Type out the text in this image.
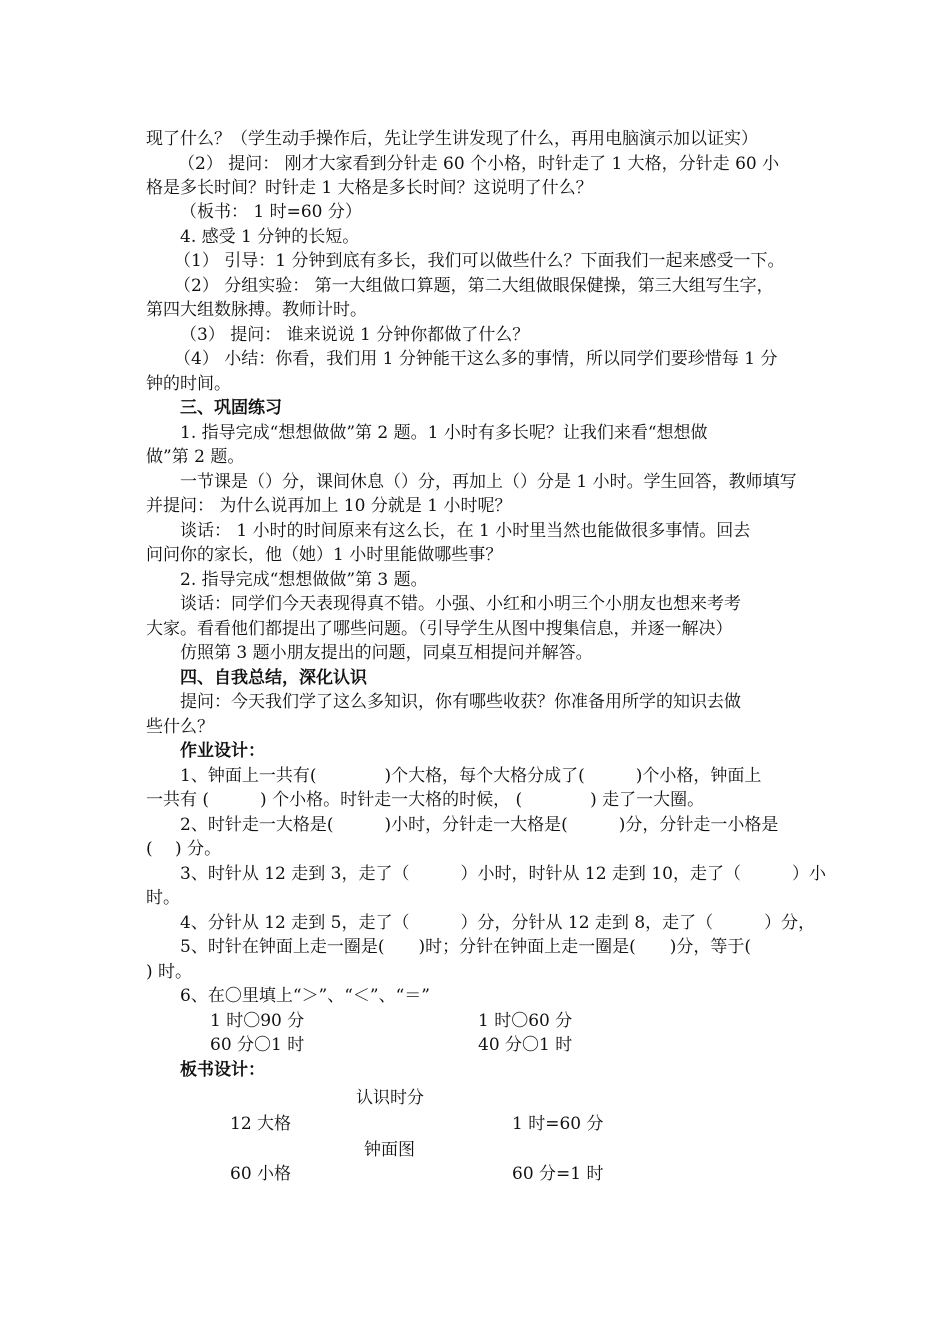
现了什么？（学生动手操作后，先让学生讲发现了什么，再用电脑演示加以证实）
（2） 提问： 刚才大家看到分针走 60 个小格，时针走了 1 大格，分针走 60 小
格是多长时间？时针走 1 大格是多长时间？这说明了什么？
（板书： 1 时=60 分）
4. 感受 1 分钟的长短。
（1） 引导：1 分钟到底有多长，我们可以做些什么？下面我们一起来感受一下。
（2） 分组实验： 第一大组做口算题，第二大组做眼保健操，第三大组写生字，
第四大组数脉搏。教师计时。
（3） 提问： 谁来说说 1 分钟你都做了什么？
（4） 小结：你看，我们用 1 分钟能干这么多的事情，所以同学们要珍惜每 1 分
钟的时间。
三、巩固练习
1. 指导完成“想想做做”第 2 题。1 小时有多长呢？让我们来看“想想做
做”第 2 题。
一节课是（）分，课间休息（）分，再加上（）分是 1 小时。学生回答，教师填写
并提问： 为什么说再加上 10 分就是 1 小时呢？
谈话： 1 小时的时间原来有这么长，在 1 小时里当然也能做很多事情。回去
问问你的家长，他（她）1 小时里能做哪些事？
2. 指导完成“想想做做”第 3 题。
谈话：同学们今天表现得真不错。小强、小红和小明三个小朋友也想来考考
大家。看看他们都提出了哪些问题。（引导学生从图中搜集信息，并逐一解决）
仿照第 3 题小朋友提出的问题，同桌互相提问并解答。
四、自我总结，深化认识
提问：今天我们学了这么多知识，你有哪些收获？你准备用所学的知识去做
些什么？
作业设计：
1、钟面上一共有(　　　　)个大格，每个大格分成了(　　　)个小格，钟面上
一共有 (　　　) 个小格。时针走一大格的时候， (　　　　) 走了一大圈。
2、时针走一大格是(　　　)小时，分针走一大格是(　　　)分，分针走一小格是
(　 ) 分。
3、时针从 12 走到 3，走了（　　　）小时，时针从 12 走到 10，走了（　　　）小
时。
4、分针从 12 走到 5，走了（　　　）分，分针从 12 走到 8，走了（　　　）分，
5、时针在钟面上走一圈是(　　)时；分针在钟面上走一圈是(　　)分，等于(
) 时。
6、在〇里填上“＞”、“＜”、“＝”
1 时〇90 分	1 时〇60 分
60 分〇1 时	40 分〇1 时
板书设计：
认识时分
12 大格	1 时=60 分
钟面图
60 小格	60 分=1 时
